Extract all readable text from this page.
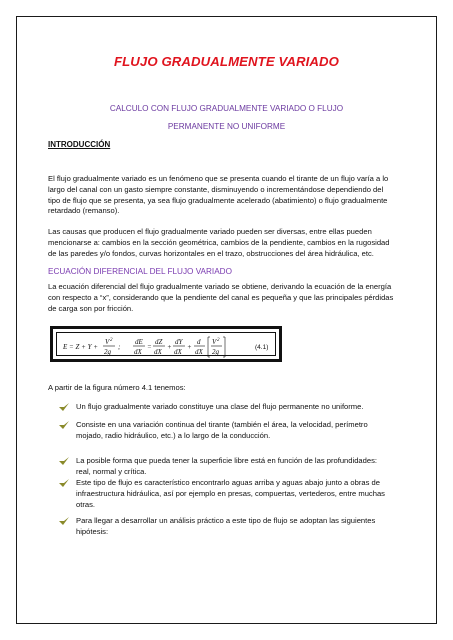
FLUJO GRADUALMENTE VARIADO
CALCULO CON FLUJO GRADUALMENTE VARIADO O FLUJO
PERMANENTE NO UNIFORME
INTRODUCCIÓN

El flujo gradualmente variado es un fenómeno que se presenta cuando el tirante de un flujo varía a lo largo del canal con un gasto siempre constante, disminuyendo o incrementándose dependiendo del tipo de flujo que se presenta, ya sea flujo gradualmente acelerado (abatimiento) o flujo gradualmente retardado (remanso).

Las causas que producen el flujo gradualmente variado pueden ser diversas, entre ellas pueden mencionarse a: cambios en la sección geométrica, cambios de la pendiente, cambios en la rugosidad de las paredes y/o fondos, curvas horizontales en el trazo, obstrucciones del área hidráulica, etc.

ECUACIÓN DIFERENCIAL DEL FLUJO VARIADO

La ecuación diferencial del flujo gradualmente variado se obtiene, derivando la ecuación de la energía con respecto a “x”, considerando que la pendiente del canal es pequeña y que las principales pérdidas de carga son por fricción.

E = Z + Y +
V 2
2g
;
dE
dX
=
dZ
dX
+
dY
dX
+
d
dX
V 2
2g
(4.1)

A partir de la figura número 4.1 tenemos:

Un flujo gradualmente variado constituye una clase del flujo permanente no uniforme.
Consiste en una variación continua del tirante (también el área, la velocidad, perímetro mojado, radio hidráulico, etc.) a lo largo de la conducción.
La posible forma que pueda tener la superficie libre está en función de las profundidades: real, normal y crítica.
Este tipo de flujo es característico encontrarlo aguas arriba y aguas abajo junto a obras de infraestructura hidráulica, así por ejemplo en presas, compuertas, vertederos, entre muchas otras.
Para llegar a desarrollar un análisis práctico a este tipo de flujo se adoptan las siguientes hipótesis:
